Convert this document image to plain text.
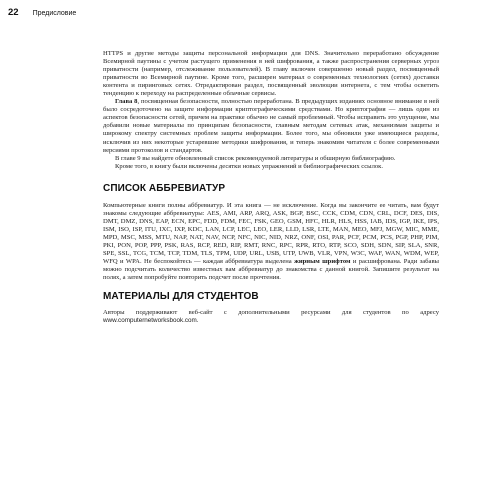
22 Предисловие

HTTPS и другие методы защиты персональной информации для DNS. Значительно переработано обсуждение Всемирной паутины с учетом растущего применения в ней шифрования, а также распространения серверных угроз приватности (например, отслеживание пользователей). В главу включен совершенно новый раздел, посвященный приватности во Всемирной паутине. Кроме того, расширен материал о современных технологиях (сетях) доставки контента и пиринговых сетях. Отредактирован раздел, посвященный эволюции интернета, с тем чтобы осветить тенденцию к переходу на распределенные облачные сервисы.

Глава 8, посвященная безопасности, полностью переработана. В предыдущих изданиях основное внимание в ней было сосредоточено на защите информации криптографическими средствами. Но криптография — лишь один из аспектов безопасности сетей, причем на практике обычно не самый проблемный. Чтобы исправить это упущение, мы добавили новые материалы по принципам безопасности, главным методам сетевых атак, механизмам защиты и широкому спектру системных проблем защиты информации. Более того, мы обновили уже имеющиеся разделы, исключив из них некоторые устаревшие методики шифрования, и теперь знакомим читателя с более современными версиями протоколов и стандартов.

В главе 9 вы найдете обновленный список рекомендуемой литературы и обширную библиографию.

Кроме того, в книгу были включены десятки новых упражнений и библиографических ссылок.

СПИСОК АББРЕВИАТУР

Компьютерные книги полны аббревиатур. И эта книга — не исключение. Когда вы закончите ее читать, вам будут знакомы следующие аббревиатуры: AES, AMI, ARP, ARQ, ASK, BGP, BSC, CCK, CDM, CDN, CRL, DCF, DES, DIS, DMT, DMZ, DNS, EAP, ECN, EPC, FDD, FDM, FEC, FSK, GEO, GSM, HFC, HLR, HLS, HSS, IAB, IDS, IGP, IKE, IPS, ISM, ISO, ISP, ITU, IXC, IXP, KDC, LAN, LCP, LEC, LEO, LER, LLD, LSR, LTE, MAN, MEO, MFJ, MGW, MIC, MME, MPD, MSC, MSS, MTU, NAP, NAT, NAV, NCP, NFC, NIC, NID, NRZ, ONF, OSI, PAR, PCF, PCM, PCS, PGP, PHP, PIM, PKI, PON, POP, PPP, PSK, RAS, RCP, RED, RIP, RMT, RNC, RPC, RPR, RTO, RTP, SCO, SDH, SDN, SIP, SLA, SNR, SPE, SSL, TCG, TCM, TCP, TDM, TLS, TPM, UDP, URL, USB, UTP, UWB, VLR, VPN, W3C, WAF, WAN, WDM, WEP, WFQ и WPA. Не беспокойтесь — каждая аббревиатура выделена жирным шрифтом и расшифрована. Ради забавы можно подсчитать количество известных вам аббревиатур до знакомства с данной книгой. Запишите результат на полях, а затем попробуйте повторить подсчет после прочтения.

МАТЕРИАЛЫ ДЛЯ СТУДЕНТОВ

Авторы поддерживают веб-сайт с дополнительными ресурсами для студентов по адресу www.computernetworksbook.com.
